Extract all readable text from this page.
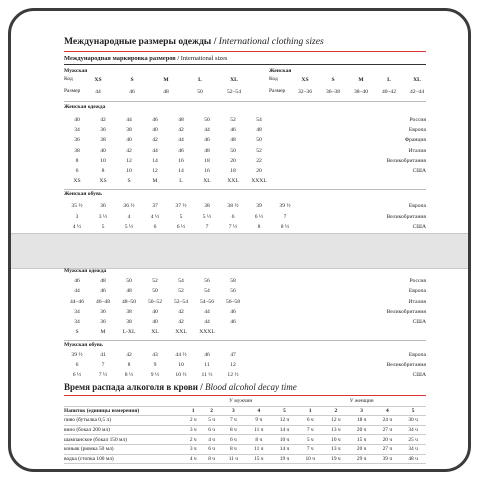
Международные размеры одежды / International clothing sizes
Международная маркировка размеров / International sizes
Мужская
Код
Размер
XS	S	M	L	XL
44	46	48	50	52–54
Женская
Код
Размер
XS	S	M	L	XL
32–36	36–38	38–40	40–42	42–44
Женская одежда
40	42	44	46	48	50	52	54	Россия
34	36	38	40	42	44	46	48	Европа
36	38	40	42	44	46	48	50	Франция
38	40	42	44	46	48	50	52	Италия
8	10	12	14	16	18	20	22	Великобритания
6	8	10	12	14	16	18	20	США
XS	XS	S	M	L	XL	XXL	XXXL
Женская обувь
35 ½	36	36 ½	37	37 ½	38	38 ½	39	39 ½	Европа
3	3 ½	4	4 ½	5	5 ½	6	6 ½	7	Великобритания
4 ½	5	5 ½	6	6 ½	7	7 ½	8	8 ½	США
Мужская одежда
46	48	50	52	54	56	58	Россия
44	46	48	50	52	54	56	Европа
44–46	46–48	48–50	50–52	52–54	54–56	56–58	Италия
34	36	38	40	42	44	46	Великобритания
34	36	38	40	42	44	46	США
S	M	L-XL	XL	XXL	XXXL
Мужская обувь
39 ½	41	42	43	44 ½	46	47	Европа
6	7	8	9	10	11	12	Великобритания
6 ½	7 ½	8 ½	9 ½	10 ½	11 ½	12 ½	США
Время распада алкоголя в крови / Blood alcohol decay time
	У мужчин					У женщин				
Напиток (единицы измерения)	1	2	3	4	5	1	2	3	4	5
пиво (бутылка 0,5 л)	2 ч	5 ч	7 ч	9 ч	12 ч	6 ч	12 ч	18 ч	24 ч	30 ч
вино (бокал 200 мл)	3 ч	6 ч	8 ч	11 ч	14 ч	7 ч	13 ч	20 ч	27 ч	34 ч
шампанское (бокал 150 мл)	2 ч	4 ч	6 ч	8 ч	10 ч	5 ч	10 ч	15 ч	20 ч	25 ч
коньяк (рюмка 50 мл)	3 ч	6 ч	8 ч	11 ч	14 ч	7 ч	13 ч	20 ч	27 ч	34 ч
водка (стопка 100 мл)	4 ч	8 ч	11 ч	15 ч	19 ч	10 ч	19 ч	29 ч	39 ч	48 ч
